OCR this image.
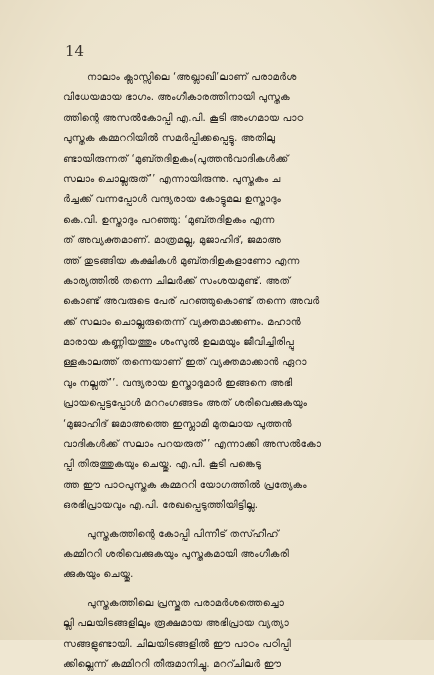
14
നാലാം ക്ലാസ്സിലെ ‘അഖ്ലാഖി’ലാണ് പരാമർശ
വിധേയമായ ഭാഗം. അംഗീകാരത്തിനായി പുസ്തക
ത്തിന്റെ അസൽകോപ്പി എ.പി. കൂടി അംഗമായ പാഠ
പുസ്തക കമ്മററിയിൽ സമർപ്പിക്കപ്പെട്ടു. അതിലു
ണ്ടായിരുന്നത് ‘മുബ്തദിഉകം(പുത്തൻവാദികൾക്ക്
സലാം ചൊല്ലരുത്’’ എന്നായിരുന്നു. പുസ്തകം ച
ർച്ചക്ക് വന്നപ്പോൾ വന്ദ്യരായ കോട്ടുമല ഉസ്താദും
കെ.വി. ഉസ്താദും പറഞ്ഞു: ‘മുബ്തദിഉകം എന്ന
ത് അവ്യക്തമാണ്. മാത്രമല്ല, മുജാഹിദ്, ജമാഅ
ത്ത് തുടങ്ങിയ കക്ഷികൾ മുബ്തദിഉകളാണോ എന്ന
കാര്യത്തിൽ തന്നെ ചിലർക്ക് സംശയമുണ്ട്. അത്
കൊണ്ട് അവരുടെ പേര് പറഞ്ഞുകൊണ്ട് തന്നെ അവർ
ക്ക് സലാം ചൊല്ലരുതെന്ന് വ്യക്തമാക്കണം. മഹാൻ
മാരായ കണ്ണിയത്തും ശംസുൽ ഉലമയും ജീവിച്ചിരിപ്പു
ള്ളകാലത്ത് തന്നെയാണ് ഇത് വ്യക്തമാക്കാൻ ഏറാ
വും നല്ലത്’’. വന്ദ്യരായ ഉസ്താദുമാർ ഇങ്ങനെ അഭി
പ്രായപ്പെട്ടപ്പോൾ മററംഗങ്ങടം അത് ശരിവെക്കുകയും
‘മുജാഹിദ് ജമാഅത്തെ ഇസ്ലാമി മുതലായ പുത്തൻ
വാദികൾക്ക് സലാം പറയരുത്’’ എന്നാക്കി അസൽകോ
പ്പി തിരുത്തുകയും ചെയ്തു. എ.പി. കൂടി പങ്കെടു
ത്ത ഈ പാഠപുസ്തക കമ്മററി യോഗത്തിൽ പ്രത്യേകം
ഒരഭിപ്രായവും എ.പി. രേഖപ്പെടുത്തിയിട്ടില്ല.
പുസ്തകത്തിന്റെ കോപ്പി പിന്നീട് തസ്ഹീഹ്
കമ്മിററി ശരിവെക്കുകയും പുസ്തകമായി അംഗീകരി
ക്കുകയും ചെയ്തു.
പുസ്തകത്തിലെ പ്രസ്തുത പരാമർശത്തെച്ചൊ
ല്ലി പലയിടങ്ങളിലും രൂക്ഷമായ അഭിപ്രായ വ്യത്യാ
സങ്ങളുണ്ടായി. ചിലയിടങ്ങളിൽ ഈ പാഠം പഠിപ്പി
ക്കില്ലെന്ന് കമ്മിററി തീരുമാനിച്ചു. മററ്ചിലർ ഈ
